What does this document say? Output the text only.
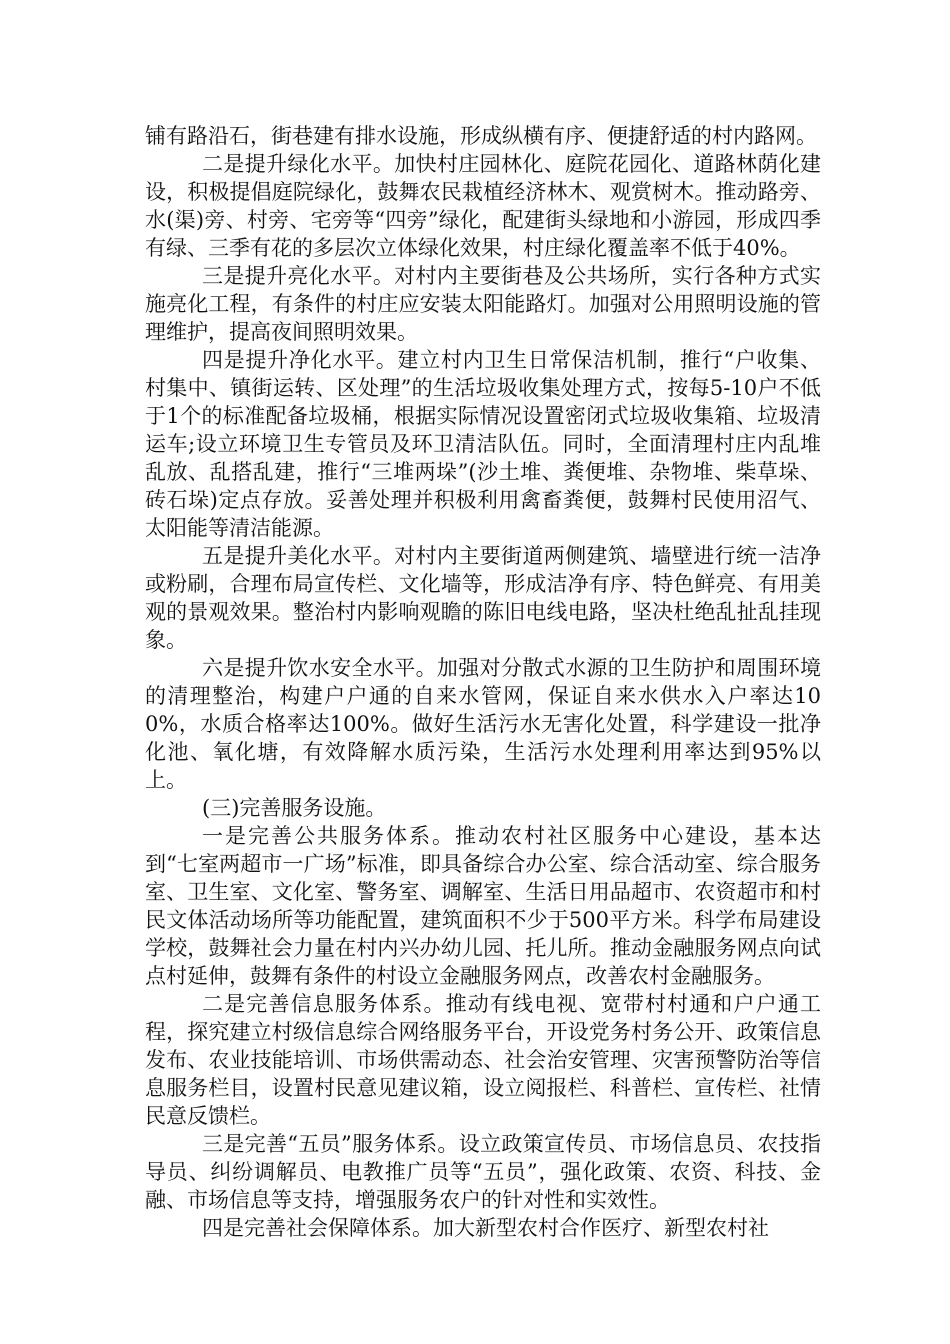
铺有路沿石，街巷建有排水设施，形成纵横有序、便捷舒适的村内路网。

二是提升绿化水平。加快村庄园林化、庭院花园化、道路林荫化建设，积极提倡庭院绿化，鼓舞农民栽植经济林木、观赏树木。推动路旁、水(渠)旁、村旁、宅旁等“四旁”绿化，配建街头绿地和小游园，形成四季有绿、三季有花的多层次立体绿化效果，村庄绿化覆盖率不低于40%。

三是提升亮化水平。对村内主要街巷及公共场所，实行各种方式实施亮化工程，有条件的村庄应安装太阳能路灯。加强对公用照明设施的管理维护，提高夜间照明效果。

四是提升净化水平。建立村内卫生日常保洁机制，推行“户收集、村集中、镇街运转、区处理”的生活垃圾收集处理方式，按每5-10户不低于1个的标准配备垃圾桶，根据实际情况设置密闭式垃圾收集箱、垃圾清运车;设立环境卫生专管员及环卫清洁队伍。同时，全面清理村庄内乱堆乱放、乱搭乱建，推行“三堆两垛”(沙土堆、粪便堆、杂物堆、柴草垛、砖石垛)定点存放。妥善处理并积极利用禽畜粪便，鼓舞村民使用沼气、太阳能等清洁能源。

五是提升美化水平。对村内主要街道两侧建筑、墙壁进行统一洁净或粉刷，合理布局宣传栏、文化墙等，形成洁净有序、特色鲜亮、有用美观的景观效果。整治村内影响观瞻的陈旧电线电路，坚决杜绝乱扯乱挂现象。

六是提升饮水安全水平。加强对分散式水源的卫生防护和周围环境的清理整治，构建户户通的自来水管网，保证自来水供水入户率达100%，水质合格率达100%。做好生活污水无害化处置，科学建设一批净化池、氧化塘，有效降解水质污染，生活污水处理利用率达到95%以上。

(三)完善服务设施。

一是完善公共服务体系。推动农村社区服务中心建设，基本达到“七室两超市一广场”标准，即具备综合办公室、综合活动室、综合服务室、卫生室、文化室、警务室、调解室、生活日用品超市、农资超市和村民文体活动场所等功能配置，建筑面积不少于500平方米。科学布局建设学校，鼓舞社会力量在村内兴办幼儿园、托儿所。推动金融服务网点向试点村延伸，鼓舞有条件的村设立金融服务网点，改善农村金融服务。

二是完善信息服务体系。推动有线电视、宽带村村通和户户通工程，探究建立村级信息综合网络服务平台，开设党务村务公开、政策信息发布、农业技能培训、市场供需动态、社会治安管理、灾害预警防治等信息服务栏目，设置村民意见建议箱，设立阅报栏、科普栏、宣传栏、社情民意反馈栏。

三是完善“五员”服务体系。设立政策宣传员、市场信息员、农技指导员、纠纷调解员、电教推广员等“五员”，强化政策、农资、科技、金融、市场信息等支持，增强服务农户的针对性和实效性。

四是完善社会保障体系。加大新型农村合作医疗、新型农村社
